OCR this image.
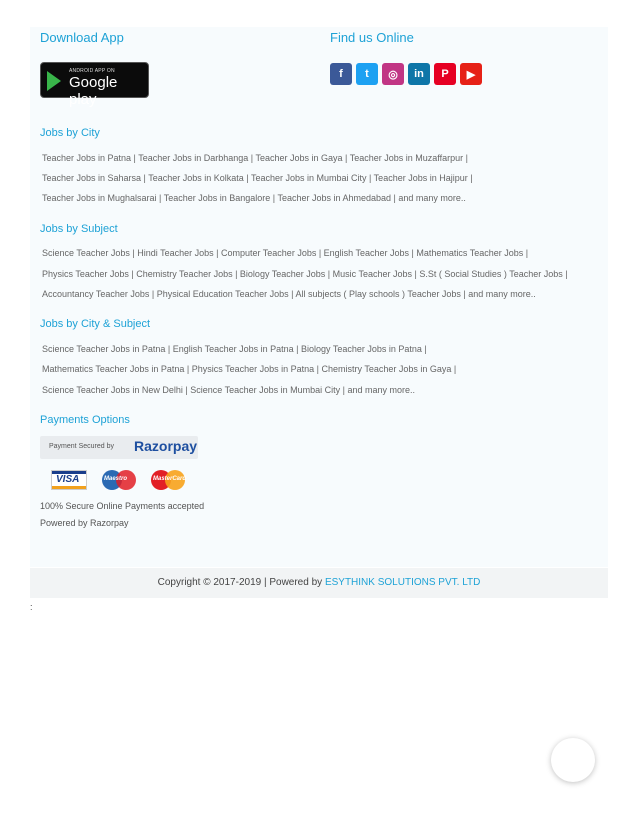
Download App
ANDROID APP ON
Google play
Find us Online
f	t	◎	in	P	▶
Jobs by City
Teacher Jobs in Patna | Teacher Jobs in Darbhanga | Teacher Jobs in Gaya | Teacher Jobs in Muzaffarpur |
Teacher Jobs in Saharsa | Teacher Jobs in Kolkata | Teacher Jobs in Mumbai City | Teacher Jobs in Hajipur |
Teacher Jobs in Mughalsarai | Teacher Jobs in Bangalore | Teacher Jobs in Ahmedabad | and many more..
Jobs by Subject
Science Teacher Jobs | Hindi Teacher Jobs | Computer Teacher Jobs | English Teacher Jobs | Mathematics Teacher Jobs |
Physics Teacher Jobs | Chemistry Teacher Jobs | Biology Teacher Jobs | Music Teacher Jobs | S.St ( Social Studies ) Teacher Jobs |
Accountancy Teacher Jobs | Physical Education Teacher Jobs | All subjects ( Play schools ) Teacher Jobs | and many more..
Jobs by City & Subject
Science Teacher Jobs in Patna | English Teacher Jobs in Patna | Biology Teacher Jobs in Patna |
Mathematics Teacher Jobs in Patna | Physics Teacher Jobs in Patna | Chemistry Teacher Jobs in Gaya |
Science Teacher Jobs in New Delhi | Science Teacher Jobs in Mumbai City | and many more..
Payments Options
Payment Secured by Razorpay
VISA	Maestro	MasterCard
100% Secure Online Payments accepted
Powered by Razorpay
Copyright © 2017-2019 | Powered by ESYTHINK SOLUTIONS PVT. LTD
:
